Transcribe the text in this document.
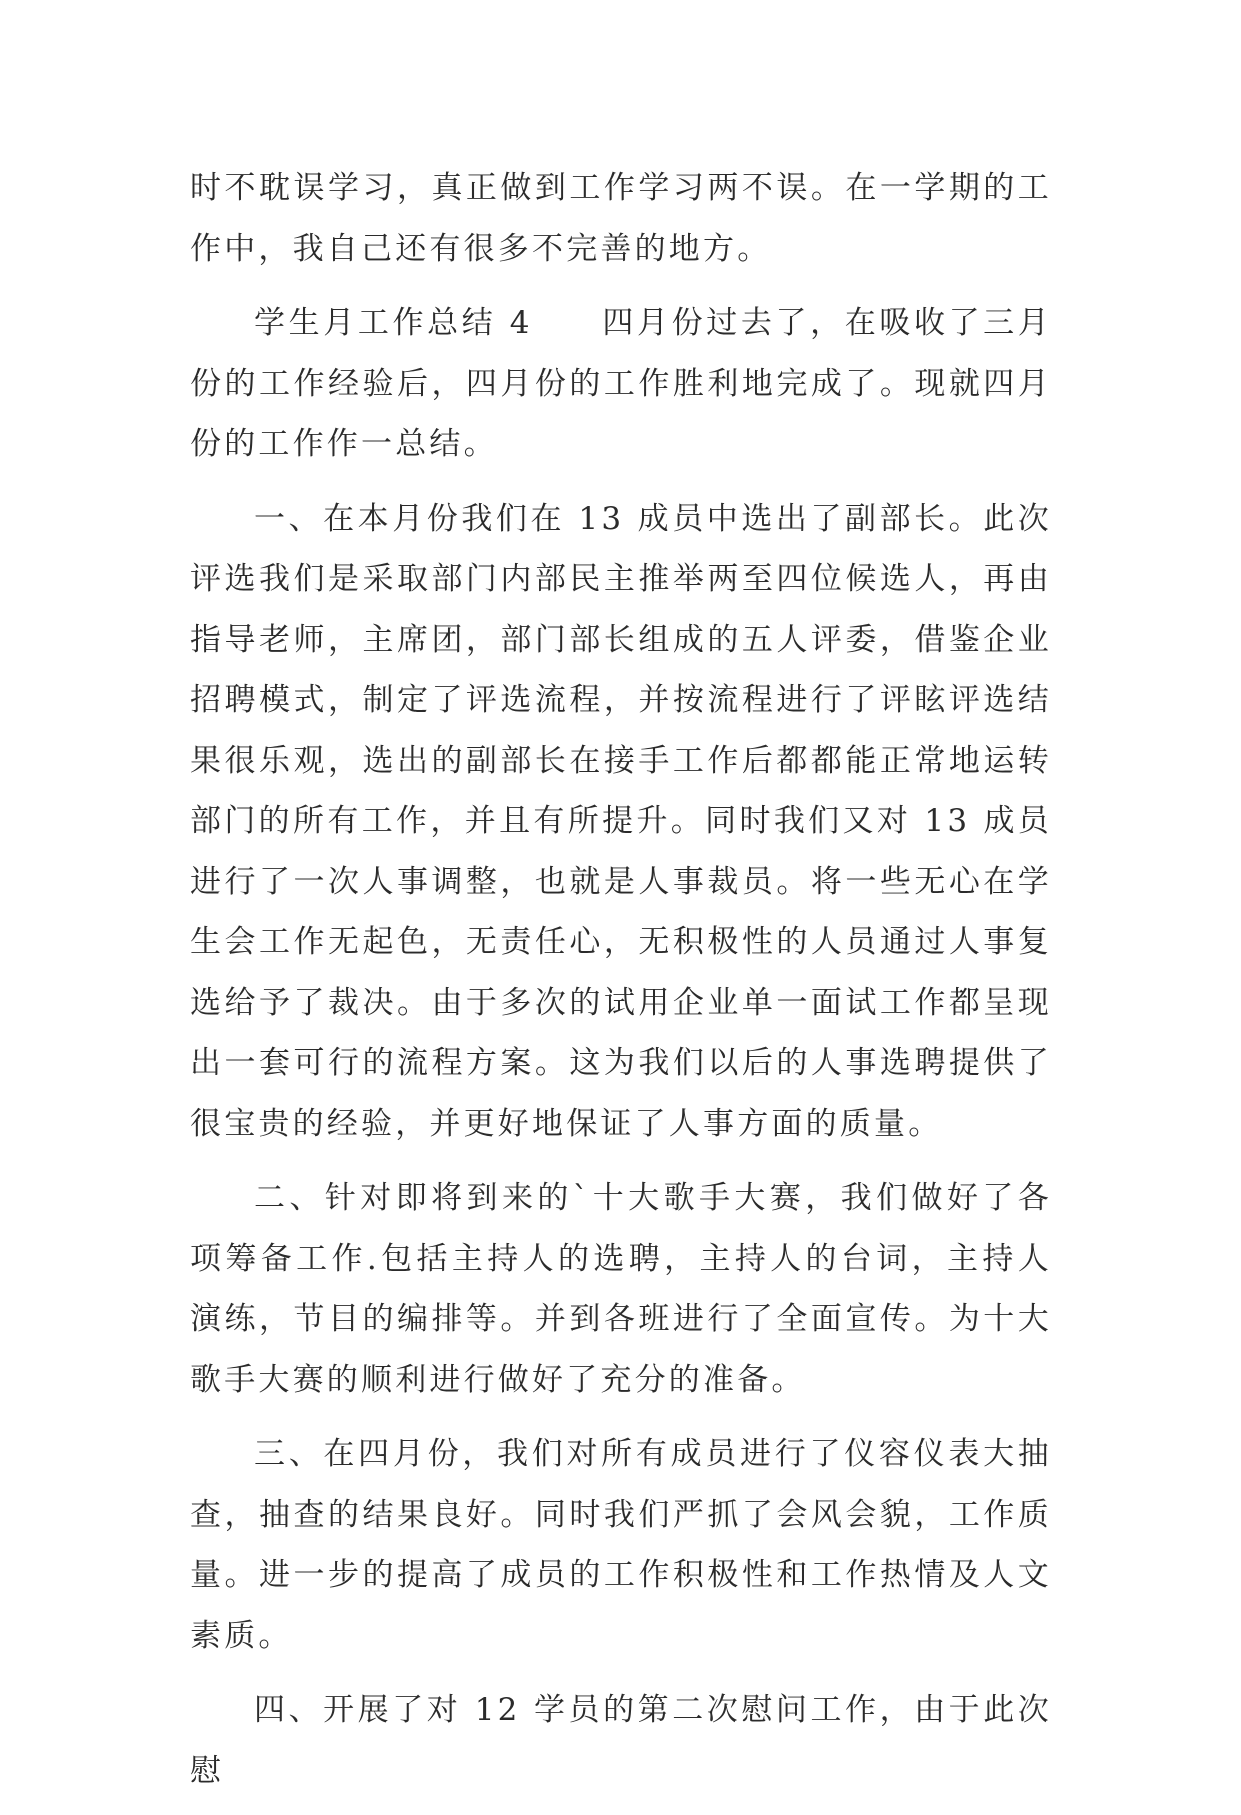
时不耽误学习，真正做到工作学习两不误。在一学期的工作中，我自己还有很多不完善的地方。

学生月工作总结 4　　四月份过去了，在吸收了三月份的工作经验后，四月份的工作胜利地完成了。现就四月份的工作作一总结。

一、在本月份我们在 13 成员中选出了副部长。此次评选我们是采取部门内部民主推举两至四位候选人，再由指导老师，主席团，部门部长组成的五人评委，借鉴企业招聘模式，制定了评选流程，并按流程进行了评眩评选结果很乐观，选出的副部长在接手工作后都都能正常地运转部门的所有工作，并且有所提升。同时我们又对 13 成员进行了一次人事调整，也就是人事裁员。将一些无心在学生会工作无起色，无责任心，无积极性的人员通过人事复选给予了裁决。由于多次的试用企业单一面试工作都呈现出一套可行的流程方案。这为我们以后的人事选聘提供了很宝贵的经验，并更好地保证了人事方面的质量。

二、针对即将到来的`十大歌手大赛，我们做好了各项筹备工作.包括主持人的选聘，主持人的台词，主持人演练，节目的编排等。并到各班进行了全面宣传。为十大歌手大赛的顺利进行做好了充分的准备。

三、在四月份，我们对所有成员进行了仪容仪表大抽查，抽查的结果良好。同时我们严抓了会风会貌，工作质量。进一步的提高了成员的工作积极性和工作热情及人文素质。

四、开展了对 12 学员的第二次慰问工作，由于此次慰
